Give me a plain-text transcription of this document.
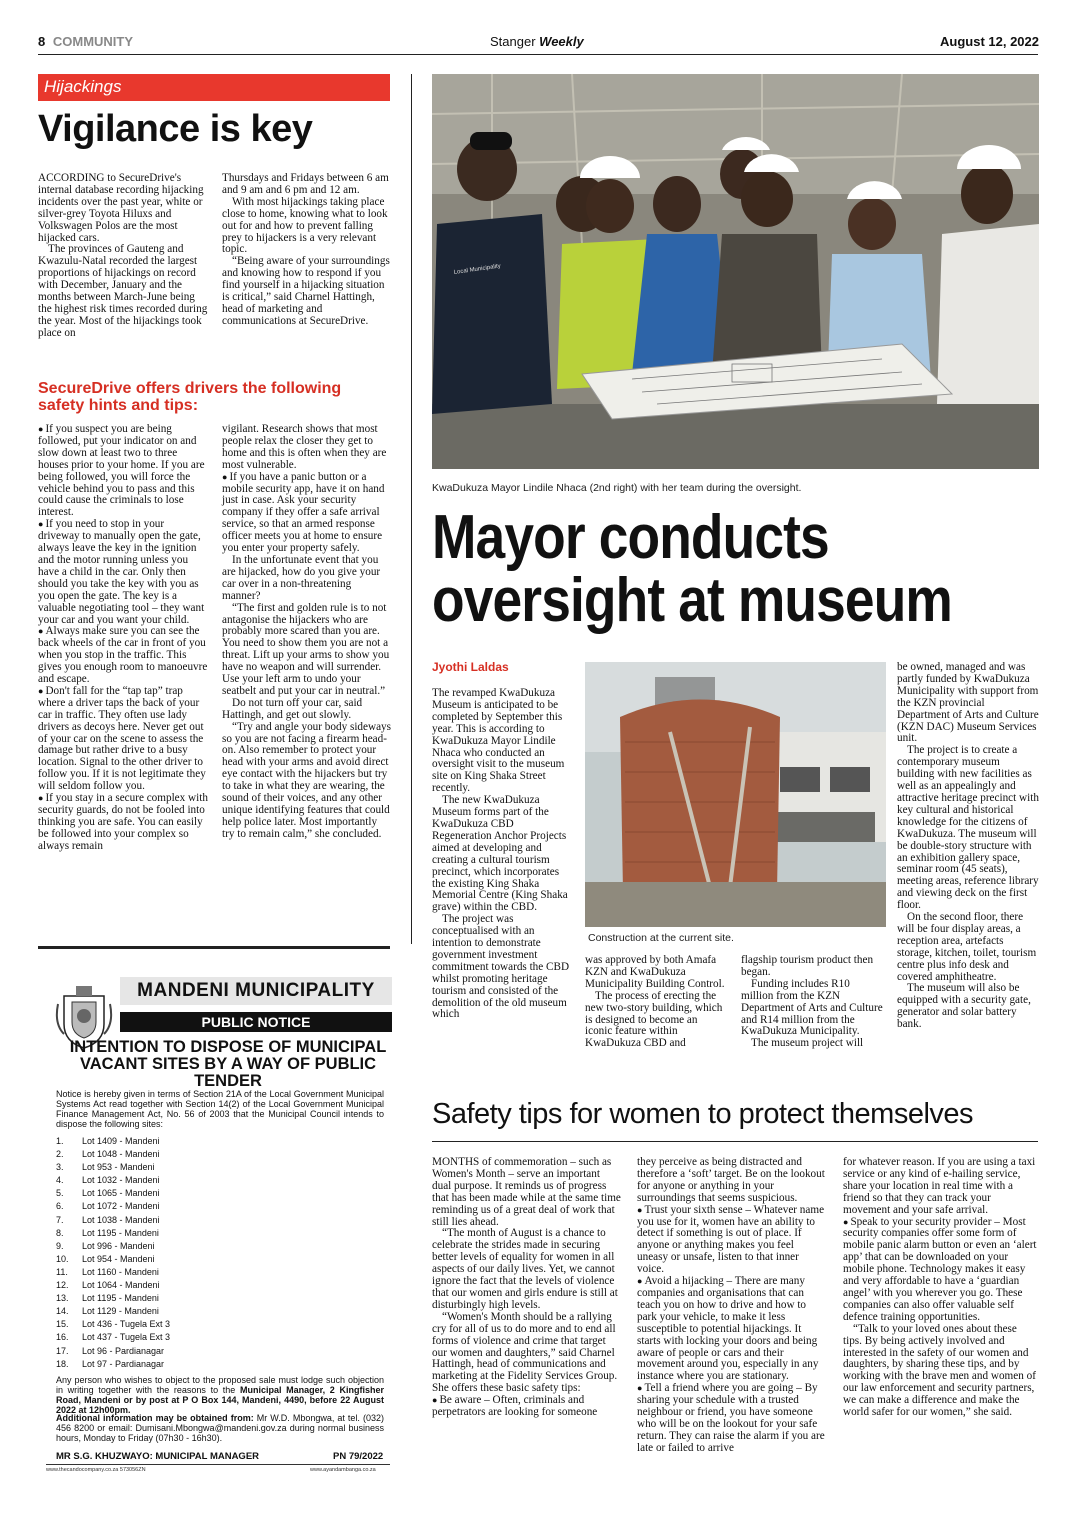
8 COMMUNITY	Stanger Weekly	August 12, 2022
Hijackings
Vigilance is key

ACCORDING to SecureDrive's internal database recording hijacking incidents over the past year, white or silver-grey Toyota Hiluxs and Volkswagen Polos are the most hijacked cars.

The provinces of Gauteng and Kwazulu-Natal recorded the largest proportions of hijackings on record with December, January and the months between March-June being the highest risk times recorded during the year. Most of the hijackings took place on

Thursdays and Fridays between 6 am and 9 am and 6 pm and 12 am.

With most hijackings taking place close to home, knowing what to look out for and how to prevent falling prey to hijackers is a very relevant topic.

“Being aware of your surroundings and knowing how to respond if you find yourself in a hijacking situation is critical,” said Charnel Hattingh, head of marketing and communications at SecureDrive.

SecureDrive offers drivers the following safety hints and tips:

● If you suspect you are being followed, put your indicator on and slow down at least two to three houses prior to your home. If you are being followed, you will force the vehicle behind you to pass and this could cause the criminals to lose interest.

● If you need to stop in your driveway to manually open the gate, always leave the key in the ignition and the motor running unless you have a child in the car. Only then should you take the key with you as you open the gate. The key is a valuable negotiating tool – they want your car and you want your child.

● Always make sure you can see the back wheels of the car in front of you when you stop in the traffic. This gives you enough room to manoeuvre and escape.

● Don't fall for the “tap tap” trap where a driver taps the back of your car in traffic. They often use lady drivers as decoys here. Never get out of your car on the scene to assess the damage but rather drive to a busy location. Signal to the other driver to follow you. If it is not legitimate they will seldom follow you.

● If you stay in a secure complex with security guards, do not be fooled into thinking you are safe. You can easily be followed into your complex so always remain

vigilant. Research shows that most people relax the closer they get to home and this is often when they are most vulnerable.

● If you have a panic button or a mobile security app, have it on hand just in case. Ask your security company if they offer a safe arrival service, so that an armed response officer meets you at home to ensure you enter your property safely.

In the unfortunate event that you are hijacked, how do you give your car over in a non-threatening manner?

“The first and golden rule is to not antagonise the hijackers who are probably more scared than you are. You need to show them you are not a threat. Lift up your arms to show you have no weapon and will surrender. Use your left arm to undo your seatbelt and put your car in neutral.”

Do not turn off your car, said Hattingh, and get out slowly.

“Try and angle your body sideways so you are not facing a firearm head-on. Also remember to protect your head with your arms and avoid direct eye contact with the hijackers but try to take in what they are wearing, the sound of their voices, and any other unique identifying features that could help police later. Most importantly try to remain calm,” she concluded.

Local Municipality
KwaDukuza Mayor Lindile Nhaca (2nd right) with her team during the oversight.
Mayor conducts
oversight at museum
Jyothi Laldas

The revamped KwaDukuza Museum is anticipated to be completed by September this year. This is according to KwaDukuza Mayor Lindile Nhaca who conducted an oversight visit to the museum site on King Shaka Street recently.

The new KwaDukuza Museum forms part of the KwaDukuza CBD Regeneration Anchor Projects aimed at developing and creating a cultural tourism precinct, which incorporates the existing King Shaka Memorial Centre (King Shaka grave) within the CBD.

The project was conceptualised with an intention to demonstrate government investment commitment towards the CBD whilst promoting heritage tourism and consisted of the demolition of the old museum which

Construction at the current site.

was approved by both Amafa KZN and KwaDukuza Municipality Building Control.

The process of erecting the new two-story building, which is designed to become an iconic feature within KwaDukuza CBD and

flagship tourism product then began.

Funding includes R10 million from the KZN Department of Arts and Culture and R14 million from the KwaDukuza Municipality.

The museum project will

be owned, managed and was partly funded by KwaDukuza Municipality with support from the KZN provincial Department of Arts and Culture (KZN DAC) Museum Services unit.

The project is to create a contemporary museum building with new facilities as well as an appealingly and attractive heritage precinct with key cultural and historical knowledge for the citizens of KwaDukuza. The museum will be double-story structure with an exhibition gallery space, seminar room (45 seats), meeting areas, reference library and viewing deck on the first floor.

On the second floor, there will be four display areas, a reception area, artefacts storage, kitchen, toilet, tourism centre plus info desk and covered amphitheatre.

The museum will also be equipped with a security gate, generator and solar battery bank.

Safety tips for women to protect themselves

MONTHS of commemoration – such as Women's Month – serve an important dual purpose. It reminds us of progress that has been made while at the same time reminding us of a great deal of work that still lies ahead.

“The month of August is a chance to celebrate the strides made in securing better levels of equality for women in all aspects of our daily lives. Yet, we cannot ignore the fact that the levels of violence that our women and girls endure is still at disturbingly high levels.

“Women's Month should be a rallying cry for all of us to do more and to end all forms of violence and crime that target our women and daughters,” said Charnel Hattingh, head of communications and marketing at the Fidelity Services Group.

She offers these basic safety tips:

● Be aware – Often, criminals and perpetrators are looking for someone

they perceive as being distracted and therefore a ‘soft’ target. Be on the lookout for anyone or anything in your surroundings that seems suspicious.

● Trust your sixth sense – Whatever name you use for it, women have an ability to detect if something is out of place. If anyone or anything makes you feel uneasy or unsafe, listen to that inner voice.

● Avoid a hijacking – There are many companies and organisations that can teach you on how to drive and how to park your vehicle, to make it less susceptible to potential hijackings. It starts with locking your doors and being aware of people or cars and their movement around you, especially in any instance where you are stationary.

● Tell a friend where you are going – By sharing your schedule with a trusted neighbour or friend, you have someone who will be on the lookout for your safe return. They can raise the alarm if you are late or failed to arrive

for whatever reason. If you are using a taxi service or any kind of e-hailing service, share your location in real time with a friend so that they can track your movement and your safe arrival.

● Speak to your security provider – Most security companies offer some form of mobile panic alarm button or even an ‘alert app’ that can be downloaded on your mobile phone. Technology makes it easy and very affordable to have a ‘guardian angel’ with you wherever you go. These companies can also offer valuable self defence training opportunities.

“Talk to your loved ones about these tips. By being actively involved and interested in the safety of our women and daughters, by sharing these tips, and by working with the brave men and women of our law enforcement and security partners, we can make a difference and make the world safer for our women,” she said.

MANDENI MUNICIPALITY
PUBLIC NOTICE
INTENTION TO DISPOSE OF MUNICIPAL VACANT SITES BY A WAY OF PUBLIC TENDER
Notice is hereby given in terms of Section 21A of the Local Government Municipal Systems Act read together with Section 14(2) of the Local Government Municipal Finance Management Act, No. 56 of 2003 that the Municipal Council intends to dispose the following sites:
1. Lot 1409 - Mandeni
2. Lot 1048 - Mandeni
3. Lot 953 - Mandeni
4. Lot 1032 - Mandeni
5. Lot 1065 - Mandeni
6. Lot 1072 - Mandeni
7. Lot 1038 - Mandeni
8. Lot 1195 - Mandeni
9. Lot 996 - Mandeni
10. Lot 954 - Mandeni
11. Lot 1160 - Mandeni
12. Lot 1064 - Mandeni
13. Lot 1195 - Mandeni
14. Lot 1129 - Mandeni
15. Lot 436 - Tugela Ext 3
16. Lot 437 - Tugela Ext 3
17. Lot 96 - Pardianagar
18. Lot 97 - Pardianagar
Any person who wishes to object to the proposed sale must lodge such objection in writing together with the reasons to the Municipal Manager, 2 Kingfisher Road, Mandeni or by post at P O Box 144, Mandeni, 4490, before 22 August 2022 at 12h00pm.
Additional information may be obtained from: Mr W.D. Mbongwa, at tel. (032) 456 8200 or email: Dumisani.Mbongwa@mandeni.gov.za during normal business hours, Monday to Friday (07h30 - 16h30).
MR S.G. KHUZWAYO: MUNICIPAL MANAGER	PN 79/2022
www.thecandocompany.co.za 573056ZN	www.ayandambanga.co.za
